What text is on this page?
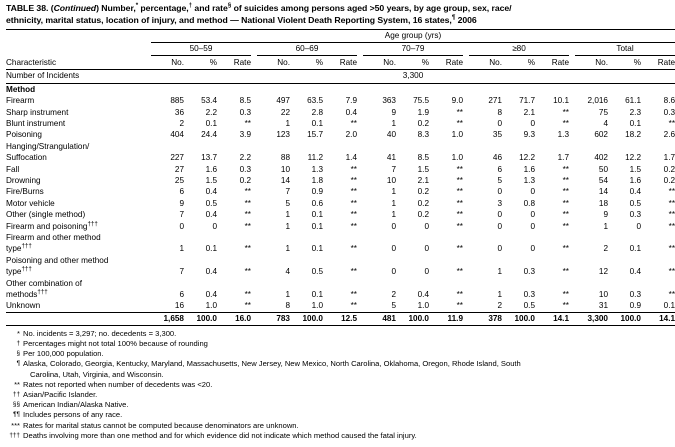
TABLE 38. (Continued) Number,* percentage,† and rate§ of suicides among persons aged >50 years, by age group, sex, race/
ethnicity, marital status, location of injury, and method — National Violent Death Reporting System, 16 states,¶ 2006
	Age group (yrs)																		
	50–59				60–69				70–79				≥80				Total		
Characteristic	No.	%	Rate		No.	%	Rate		No.	%	Rate		No.	%	Rate		No.	%	Rate
Number of Incidents	3,300																		
Method																			
Firearm	885	53.4	8.5		497	63.5	7.9		363	75.5	9.0		271	71.7	10.1		2,016	61.1	8.6
Sharp instrument	36	2.2	0.3		22	2.8	0.4		9	1.9	**		8	2.1	**		75	2.3	0.3
Blunt instrument	2	0.1	**		1	0.1	**		1	0.2	**		0	0	**		4	0.1	**
Poisoning	404	24.4	3.9		123	15.7	2.0		40	8.3	1.0		35	9.3	1.3		602	18.2	2.6
Hanging/Strangulation/																			
Suffocation	227	13.7	2.2		88	11.2	1.4		41	8.5	1.0		46	12.2	1.7		402	12.2	1.7
Fall	27	1.6	0.3		10	1.3	**		7	1.5	**		6	1.6	**		50	1.5	0.2
Drowning	25	1.5	0.2		14	1.8	**		10	2.1	**		5	1.3	**		54	1.6	0.2
Fire/Burns	6	0.4	**		7	0.9	**		1	0.2	**		0	0	**		14	0.4	**
Motor vehicle	9	0.5	**		5	0.6	**		1	0.2	**		3	0.8	**		18	0.5	**
Other (single method)	7	0.4	**		1	0.1	**		1	0.2	**		0	0	**		9	0.3	**
Firearm and poisoning†††	0	0	**		1	0.1	**		0	0	**		0	0	**		1	0	**
Firearm and other method																			
type†††	1	0.1	**		1	0.1	**		0	0	**		0	0	**		2	0.1	**
Poisoning and other method																			
type†††	7	0.4	**		4	0.5	**		0	0	**		1	0.3	**		12	0.4	**
Other combination of																			
methods†††	6	0.4	**		1	0.1	**		2	0.4	**		1	0.3	**		10	0.3	**
Unknown	16	1.0	**		8	1.0	**		5	1.0	**		2	0.5	**		31	0.9	0.1
	1,658	100.0	16.0		783	100.0	12.5		481	100.0	11.9		378	100.0	14.1		3,300	100.0	14.1
* No. incidents = 3,297; no. decedents = 3,300.
† Percentages might not total 100% because of rounding
§ Per 100,000 population.
¶ Alaska, Colorado, Georgia, Kentucky, Maryland, Massachusetts, New Jersey, New Mexico, North Carolina, Oklahoma, Oregon, Rhode Island, South
Carolina, Utah, Virginia, and Wisconsin.
** Rates not reported when number of decedents was <20.
†† Asian/Pacific Islander.
§§ American Indian/Alaska Native.
¶¶ Includes persons of any race.
*** Rates for marital status cannot be computed because denominators are unknown.
††† Deaths involving more than one method and for which evidence did not indicate which method caused the fatal injury.
